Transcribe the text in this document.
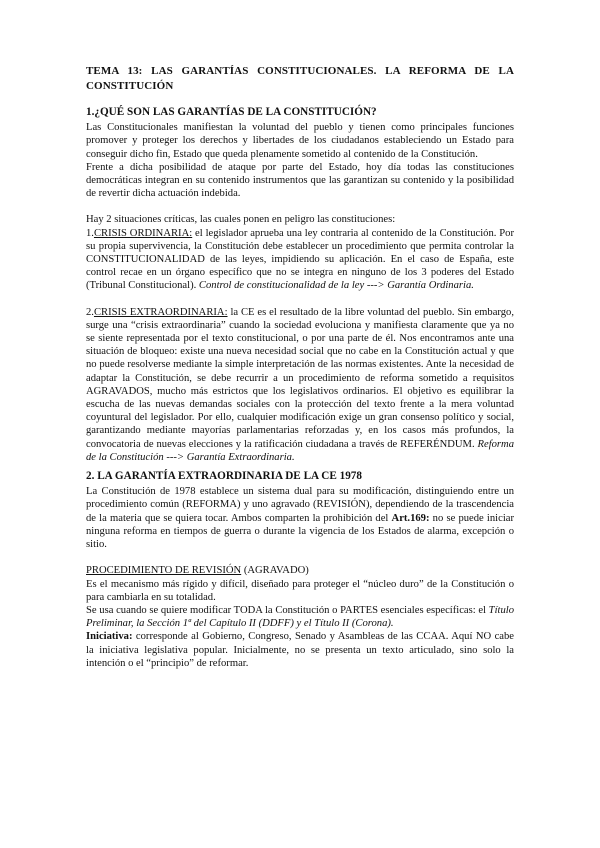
TEMA 13: LAS GARANTÍAS CONSTITUCIONALES. LA REFORMA DE LA CONSTITUCIÓN
1.¿QUÉ SON LAS GARANTÍAS DE LA CONSTITUCIÓN?

Las Constitucionales manifiestan la voluntad del pueblo y tienen como principales funciones promover y proteger los derechos y libertades de los ciudadanos estableciendo un Estado para conseguir dicho fin, Estado que queda plenamente sometido al contenido de la Constitución.

Frente a dicha posibilidad de ataque por parte del Estado, hoy día todas las constituciones democráticas integran en su contenido instrumentos que las garantizan su contenido y la posibilidad de revertir dicha actuación indebida.

Hay 2 situaciones críticas, las cuales ponen en peligro las constituciones:

1.CRISIS ORDINARIA: el legislador aprueba una ley contraria al contenido de la Constitución. Por su propia supervivencia, la Constitución debe establecer un procedimiento que permita controlar la CONSTITUCIONALIDAD de las leyes, impidiendo su aplicación. En el caso de España, este control recae en un órgano específico que no se integra en ninguno de los 3 poderes del Estado (Tribunal Constitucional). Control de constitucionalidad de la ley ---> Garantía Ordinaria.

2.CRISIS EXTRAORDINARIA: la CE es el resultado de la libre voluntad del pueblo. Sin embargo, surge una “crisis extraordinaria” cuando la sociedad evoluciona y manifiesta claramente que ya no se siente representada por el texto constitucional, o por una parte de él. Nos encontramos ante una situación de bloqueo: existe una nueva necesidad social que no cabe en la Constitución actual y que no puede resolverse mediante la simple interpretación de las normas existentes. Ante la necesidad de adaptar la Constitución, se debe recurrir a un procedimiento de reforma sometido a requisitos AGRAVADOS, mucho más estrictos que los legislativos ordinarios. El objetivo es equilibrar la escucha de las nuevas demandas sociales con la protección del texto frente a la mera voluntad coyuntural del legislador. Por ello, cualquier modificación exige un gran consenso político y social, garantizando mediante mayorías parlamentarias reforzadas y, en los casos más profundos, la convocatoria de nuevas elecciones y la ratificación ciudadana a través de REFERÉNDUM. Reforma de la Constitución ---> Garantía Extraordinaria.

2. LA GARANTÍA EXTRAORDINARIA DE LA CE 1978

La Constitución de 1978 establece un sistema dual para su modificación, distinguiendo entre un procedimiento común (REFORMA) y uno agravado (REVISIÓN), dependiendo de la trascendencia de la materia que se quiera tocar. Ambos comparten la prohibición del Art.169: no se puede iniciar ninguna reforma en tiempos de guerra o durante la vigencia de los Estados de alarma, excepción o sitio.

PROCEDIMIENTO DE REVISIÓN (AGRAVADO)

Es el mecanismo más rígido y difícil, diseñado para proteger el “núcleo duro” de la Constitución o para cambiarla en su totalidad.

Se usa cuando se quiere modificar TODA la Constitución o PARTES esenciales específicas: el Título Preliminar, la Sección 1ª del Capítulo II (DDFF) y el Título II (Corona).

Iniciativa: corresponde al Gobierno, Congreso, Senado y Asambleas de las CCAA. Aquí NO cabe la iniciativa legislativa popular. Inicialmente, no se presenta un texto articulado, sino solo la intención o el “principio” de reformar.
